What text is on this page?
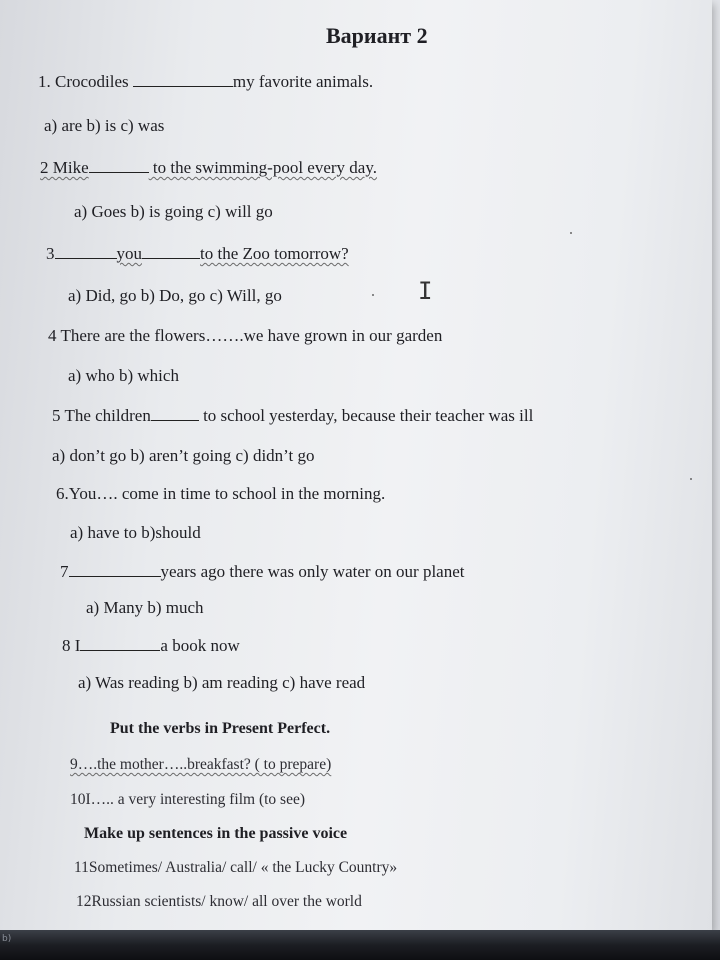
Вариант 2
1. Crocodiles	my favorite animals.
a) are b) is c) was
2 Mike	to the swimming-pool every day.
a) Goes b) is going c) will go
3	you	to the Zoo tomorrow?
a) Did, go b) Do, go c) Will, go
4 There are the flowers…….we have grown in our garden
a) who b) which
5 The children	to school yesterday, because their teacher was ill
a) don’t go b) aren’t going c) didn’t go
6.You…. come in time to school in the morning.
a) have to b)should
7	years ago there was only water on our planet
a) Many b) much
8 I	a book now
a) Was reading b) am reading c) have read
Put the verbs in Present Perfect.
9….the mother…..breakfast? ( to prepare)
10I….. a very interesting film (to see)
Make up sentences in the passive voice
11Sometimes/ Australia/ call/ « the Lucky Country»
12Russian scientists/ know/ all over the world
I
b)
